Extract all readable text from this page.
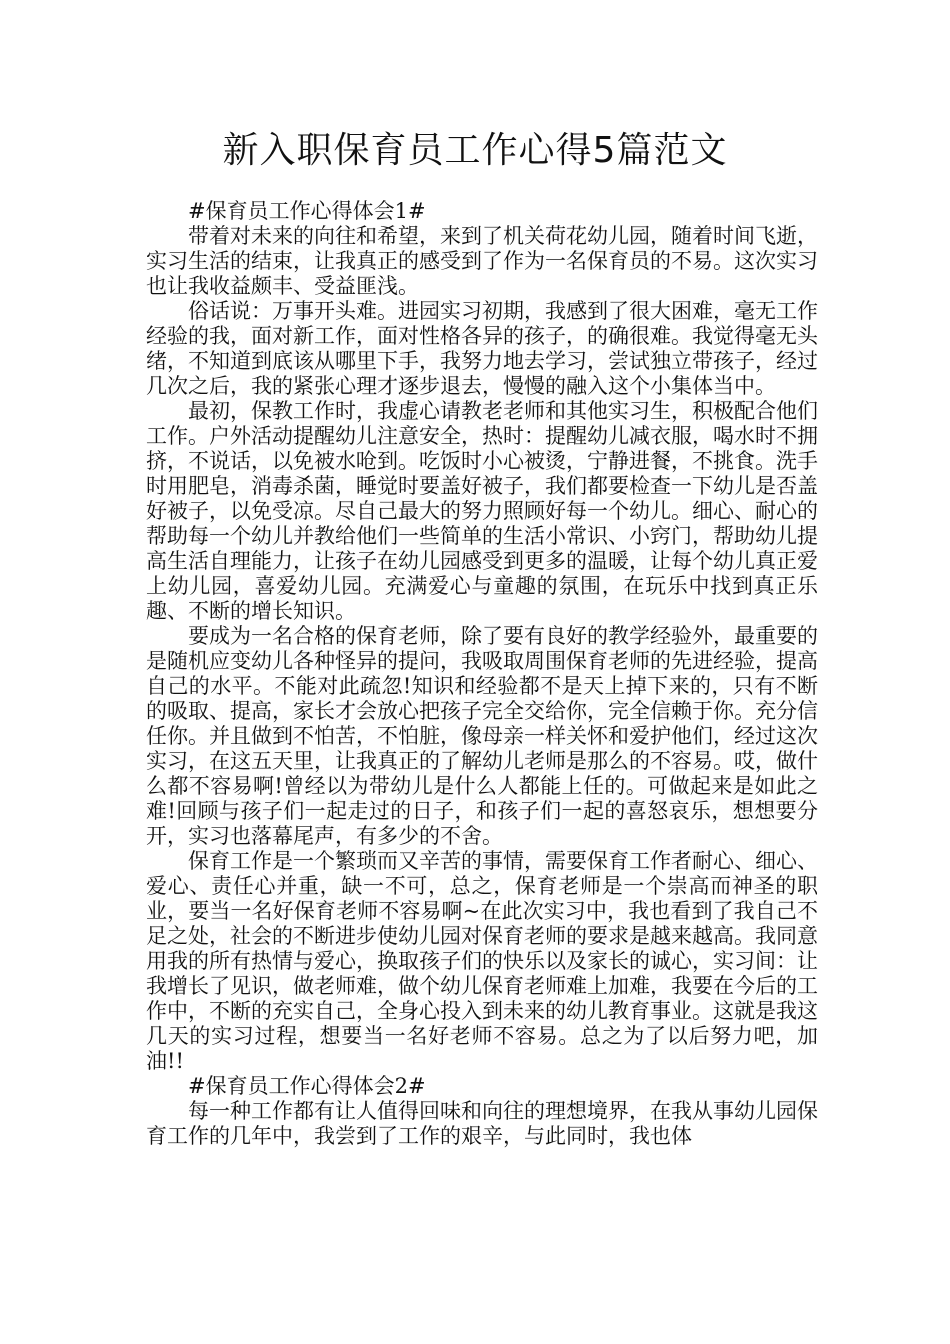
新入职保育员工作心得5篇范文

#保育员工作心得体会1#

带着对未来的向往和希望，来到了机关荷花幼儿园，随着时间飞逝，实习生活的结束，让我真正的感受到了作为一名保育员的不易。这次实习也让我收益颇丰、受益匪浅。

俗话说：万事开头难。进园实习初期，我感到了很大困难，毫无工作经验的我，面对新工作，面对性格各异的孩子，的确很难。我觉得毫无头绪，不知道到底该从哪里下手，我努力地去学习，尝试独立带孩子，经过几次之后，我的紧张心理才逐步退去，慢慢的融入这个小集体当中。

最初，保教工作时，我虚心请教老老师和其他实习生，积极配合他们工作。户外活动提醒幼儿注意安全，热时：提醒幼儿减衣服，喝水时不拥挤，不说话，以免被水呛到。吃饭时小心被烫，宁静进餐，不挑食。洗手时用肥皂，消毒杀菌，睡觉时要盖好被子，我们都要检查一下幼儿是否盖好被子，以免受凉。尽自己最大的努力照顾好每一个幼儿。细心、耐心的帮助每一个幼儿并教给他们一些简单的生活小常识、小窍门，帮助幼儿提高生活自理能力，让孩子在幼儿园感受到更多的温暖，让每个幼儿真正爱上幼儿园，喜爱幼儿园。充满爱心与童趣的氛围，在玩乐中找到真正乐趣、不断的增长知识。

要成为一名合格的保育老师，除了要有良好的教学经验外，最重要的是随机应变幼儿各种怪异的提问，我吸取周围保育老师的先进经验，提高自己的水平。不能对此疏忽!知识和经验都不是天上掉下来的，只有不断的吸取、提高，家长才会放心把孩子完全交给你，完全信赖于你。充分信任你。并且做到不怕苦，不怕脏，像母亲一样关怀和爱护他们，经过这次实习，在这五天里，让我真正的了解幼儿老师是那么的不容易。哎，做什么都不容易啊!曾经以为带幼儿是什么人都能上任的。可做起来是如此之难!回顾与孩子们一起走过的日子，和孩子们一起的喜怒哀乐，想想要分开，实习也落幕尾声，有多少的不舍。

保育工作是一个繁琐而又辛苦的事情，需要保育工作者耐心、细心、爱心、责任心并重，缺一不可，总之，保育老师是一个崇高而神圣的职业，要当一名好保育老师不容易啊~在此次实习中，我也看到了我自己不足之处，社会的不断进步使幼儿园对保育老师的要求是越来越高。我同意用我的所有热情与爱心，换取孩子们的快乐以及家长的诚心，实习间：让我增长了见识，做老师难，做个幼儿保育老师难上加难，我要在今后的工作中，不断的充实自己，全身心投入到未来的幼儿教育事业。这就是我这几天的实习过程，想要当一名好老师不容易。总之为了以后努力吧，加油!!

#保育员工作心得体会2#

每一种工作都有让人值得回味和向往的理想境界，在我从事幼儿园保育工作的几年中，我尝到了工作的艰辛，与此同时，我也体
